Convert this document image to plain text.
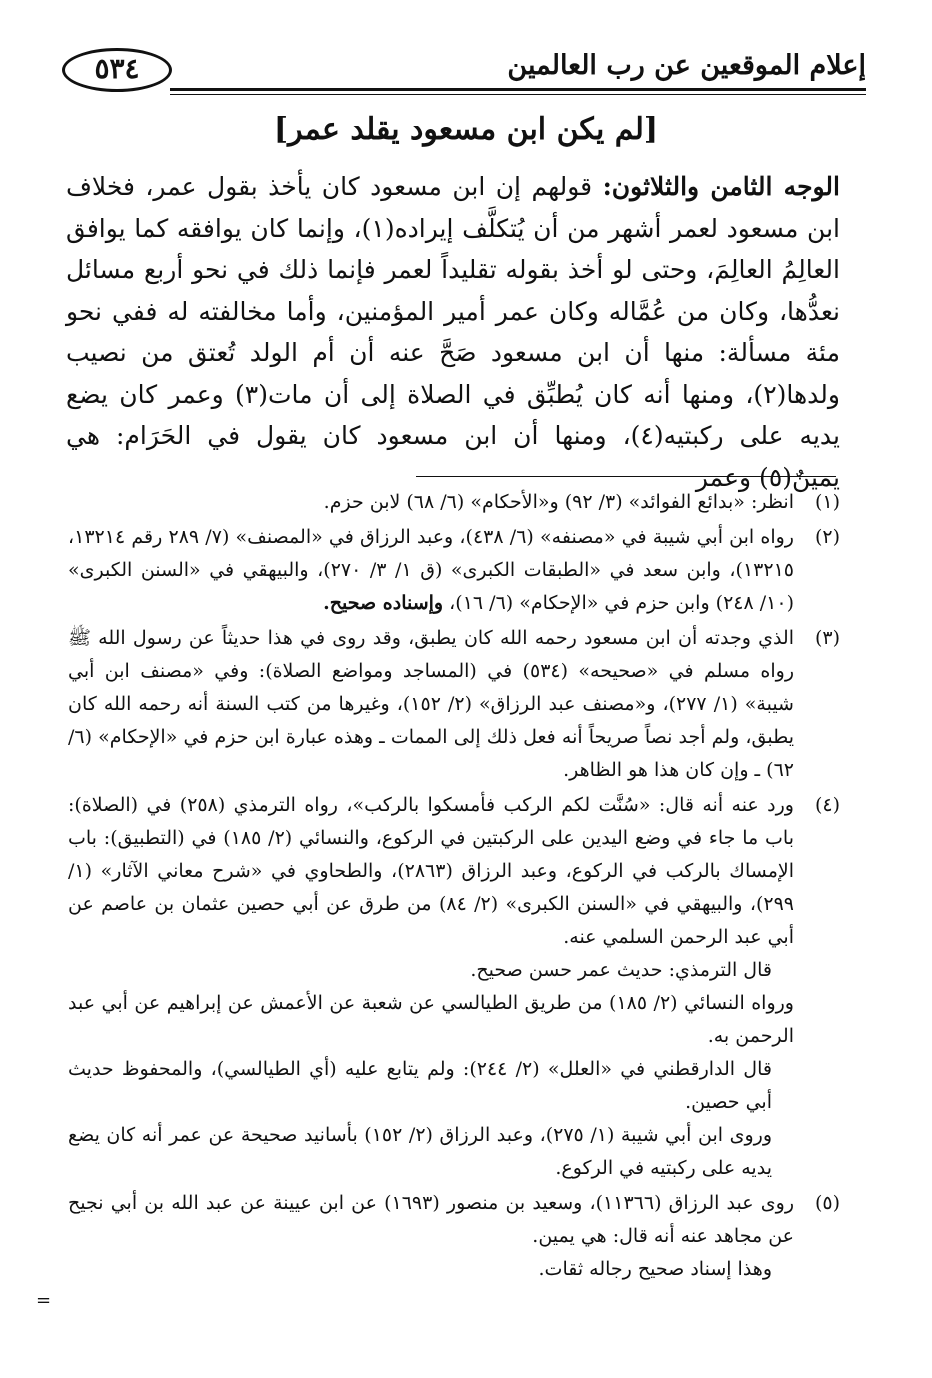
إعلام الموقعين عن رب العالمين
٥٣٤
[لم يكن ابن مسعود يقلد عمر]
الوجه الثامن والثلاثون: قولهم إن ابن مسعود كان يأخذ بقول عمر، فخلاف ابن مسعود لعمر أشهر من أن يُتكلَّف إيراده(١)، وإنما كان يوافقه كما يوافق العالِمُ العالِمَ، وحتى لو أخذ بقوله تقليداً لعمر فإنما ذلك في نحو أربع مسائل نعدُّها، وكان من عُمَّاله وكان عمر أمير المؤمنين، وأما مخالفته له ففي نحو مئة مسألة: منها أن ابن مسعود صَحَّ عنه أن أم الولد تُعتق من نصيب ولدها(٢)، ومنها أنه كان يُطبِّق في الصلاة إلى أن مات(٣) وعمر كان يضع يديه على ركبتيه(٤)، ومنها أن ابن مسعود كان يقول في الحَرَام: هي يمينٌ(٥) وعمر
(١)
انظر: «بدائع الفوائد» (٣/ ٩٢) و«الأحكام» (٦/ ٦٨) لابن حزم.
(٢)
رواه ابن أبي شيبة في «مصنفه» (٦/ ٤٣٨)، وعبد الرزاق في «المصنف» (٧/ ٢٨٩ رقم ١٣٢١٤، ١٣٢١٥)، وابن سعد في «الطبقات الكبرى» (ق ١/ ٣/ ٢٧٠)، والبيهقي في «السنن الكبرى» (١٠/ ٢٤٨) وابن حزم في «الإحكام» (٦/ ١٦)، وإسناده صحيح.
(٣)
الذي وجدته أن ابن مسعود رحمه الله كان يطبق، وقد روى في هذا حديثاً عن رسول الله ﷺ رواه مسلم في «صحيحه» (٥٣٤) في (المساجد ومواضع الصلاة): وفي «مصنف ابن أبي شيبة» (١/ ٢٧٧)، و«مصنف عبد الرزاق» (٢/ ١٥٢)، وغيرها من كتب السنة أنه رحمه الله كان يطبق، ولم أجد نصاً صريحاً أنه فعل ذلك إلى الممات ـ وهذه عبارة ابن حزم في «الإحكام» (٦/ ٦٢) ـ وإن كان هذا هو الظاهر.
(٤)
ورد عنه أنه قال: «سُنَّت لكم الركب فأمسكوا بالركب»، رواه الترمذي (٢٥٨) في (الصلاة): باب ما جاء في وضع اليدين على الركبتين في الركوع، والنسائي (٢/ ١٨٥) في (التطبيق): باب الإمساك بالركب في الركوع، وعبد الرزاق (٢٨٦٣)، والطحاوي في «شرح معاني الآثار» (١/ ٢٩٩)، والبيهقي في «السنن الكبرى» (٢/ ٨٤) من طرق عن أبي حصين عثمان بن عاصم عن أبي عبد الرحمن السلمي عنه.
قال الترمذي: حديث عمر حسن صحيح.
ورواه النسائي (٢/ ١٨٥) من طريق الطيالسي عن شعبة عن الأعمش عن إبراهيم عن أبي عبد الرحمن به.
قال الدارقطني في «العلل» (٢/ ٢٤٤): ولم يتابع عليه (أي الطيالسي)، والمحفوظ حديث أبي حصين.
وروى ابن أبي شيبة (١/ ٢٧٥)، وعبد الرزاق (٢/ ١٥٢) بأسانيد صحيحة عن عمر أنه كان يضع يديه على ركبتيه في الركوع.
(٥)
روى عبد الرزاق (١١٣٦٦)، وسعيد بن منصور (١٦٩٣) عن ابن عيينة عن عبد الله بن أبي نجيح عن مجاهد عنه أنه قال: هي يمين.
وهذا إسناد صحيح رجاله ثقات.
=
